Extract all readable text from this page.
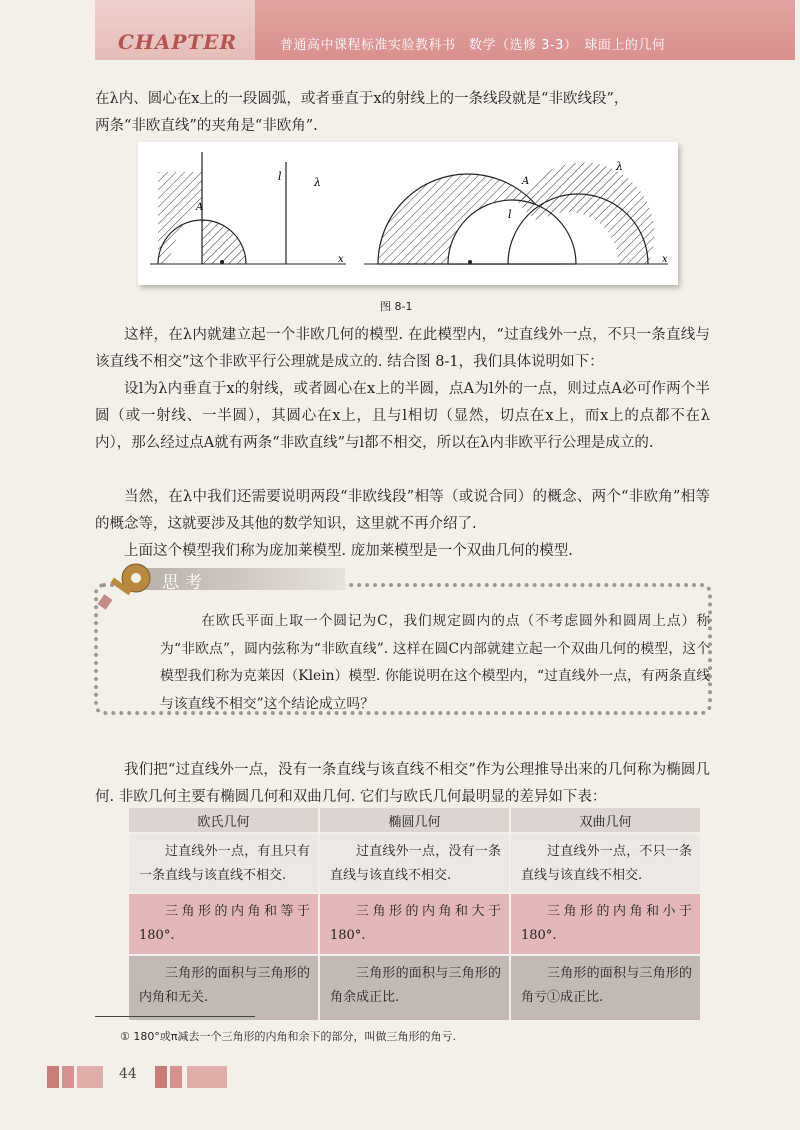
CHAPTER	普通高中课程标准实验教科书　数学（选修 3-3）　球面上的几何
在λ内、圆心在x上的一段圆弧，或者垂直于x的射线上的一条线段就是“非欧线段”，
两条“非欧直线”的夹角是“非欧角”.
A
l	λ
x
A
l
λ
x
图 8-1
这样，在λ内就建立起一个非欧几何的模型. 在此模型内，“过直线外一点，不只一条直线与该直线不相交”这个非欧平行公理就是成立的. 结合图 8-1，我们具体说明如下：
设l为λ内垂直于x的射线，或者圆心在x上的半圆，点A为l外的一点，则过点A必可作两个半圆（或一射线、一半圆），其圆心在x上，且与l相切（显然，切点在x上，而x上的点都不在λ内），那么经过点A就有两条“非欧直线”与l都不相交，所以在λ内非欧平行公理是成立的.
当然，在λ中我们还需要说明两段“非欧线段”相等（或说合同）的概念、两个“非欧角”相等的概念等，这就要涉及其他的数学知识，这里就不再介绍了.
上面这个模型我们称为庞加莱模型. 庞加莱模型是一个双曲几何的模型.
思考
在欧氏平面上取一个圆记为C，我们规定圆内的点（不考虑圆外和圆周上点）称为“非欧点”，圆内弦称为“非欧直线”. 这样在圆C内部就建立起一个双曲几何的模型，这个模型我们称为克莱因（Klein）模型. 你能说明在这个模型内，“过直线外一点，有两条直线与该直线不相交”这个结论成立吗？
我们把“过直线外一点，没有一条直线与该直线不相交”作为公理推导出来的几何称为椭圆几何. 非欧几何主要有椭圆几何和双曲几何. 它们与欧氏几何最明显的差异如下表：
欧氏几何	椭圆几何	双曲几何
过直线外一点，有且只有一条直线与该直线不相交.	过直线外一点，没有一条直线与该直线不相交.	过直线外一点，不只一条直线与该直线不相交.
三角形的内角和等于180°.	三角形的内角和大于180°.	三角形的内角和小于180°.
三角形的面积与三角形的内角和无关.	三角形的面积与三角形的角余成正比.	三角形的面积与三角形的角亏①成正比.
① 180°或π减去一个三角形的内角和余下的部分，叫做三角形的角亏.
44
